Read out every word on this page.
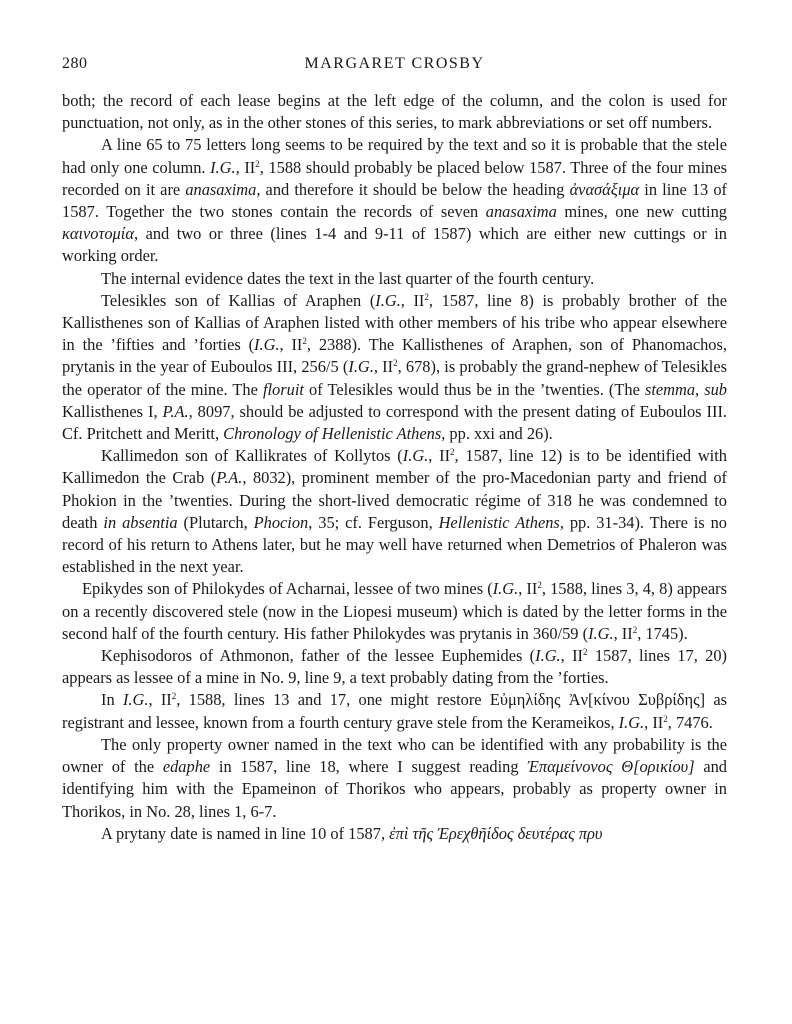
280	MARGARET CROSBY

both; the record of each lease begins at the left edge of the column, and the colon is used for punctuation, not only, as in the other stones of this series, to mark abbreviations or set off numbers.

A line 65 to 75 letters long seems to be required by the text and so it is probable that the stele had only one column. I.G., $II^2$, 1588 should probably be placed below 1587. Three of the four mines recorded on it are anasaxima, and therefore it should be below the heading ἀνασάξιμα in line 13 of 1587. Together the two stones contain the records of seven anasaxima mines, one new cutting καινοτομία, and two or three (lines 1-4 and 9-11 of 1587) which are either new cuttings or in working order.

The internal evidence dates the text in the last quarter of the fourth century.

Telesikles son of Kallias of Araphen (I.G., $II^2$, 1587, line 8) is probably brother of the Kallisthenes son of Kallias of Araphen listed with other members of his tribe who appear elsewhere in the ’fifties and ’forties (I.G., $II^2$, 2388). The Kallisthenes of Araphen, son of Phanomachos, prytanis in the year of Euboulos III, 256/5 (I.G., $II^2$, 678), is probably the grand-nephew of Telesikles the operator of the mine. The floruit of Telesikles would thus be in the ’twenties. (The stemma, sub Kallisthenes I, P.A., 8097, should be adjusted to correspond with the present dating of Euboulos III. Cf. Pritchett and Meritt, Chronology of Hellenistic Athens, pp. xxi and 26).

Kallimedon son of Kallikrates of Kollytos (I.G., $II^2$, 1587, line 12) is to be identified with Kallimedon the Crab (P.A., 8032), prominent member of the pro-Macedonian party and friend of Phokion in the ’twenties. During the short-lived democratic régime of 318 he was condemned to death in absentia (Plutarch, Phocion, 35; cf. Ferguson, Hellenistic Athens, pp. 31-34). There is no record of his return to Athens later, but he may well have returned when Demetrios of Phaleron was established in the next year.

Epikydes son of Philokydes of Acharnai, lessee of two mines (I.G., $II^2$, 1588, lines 3, 4, 8) appears on a recently discovered stele (now in the Liopesi museum) which is dated by the letter forms in the second half of the fourth century. His father Philokydes was prytanis in 360/59 (I.G., $II^2$, 1745).

Kephisodoros of Athmonon, father of the lessee Euphemides (I.G., $II^2$ 1587, lines 17, 20) appears as lessee of a mine in No. 9, line 9, a text probably dating from the ’forties.

In I.G., $II^2$, 1588, lines 13 and 17, one might restore Εὐμηλίδης Ἀν[κίνου Συβρίδης] as registrant and lessee, known from a fourth century grave stele from the Kerameikos, I.G., $II^2$, 7476.

The only property owner named in the text who can be identified with any probability is the owner of the edaphe in 1587, line 18, where I suggest reading Ἐπαμείνονος Θ[ορικίου] and identifying him with the Epameinon of Thorikos who appears, probably as property owner in Thorikos, in No. 28, lines 1, 6-7.

A prytany date is named in line 10 of 1587, ἐπὶ τῆς Ἐρεχθῆίδος δευτέρας πρυ
